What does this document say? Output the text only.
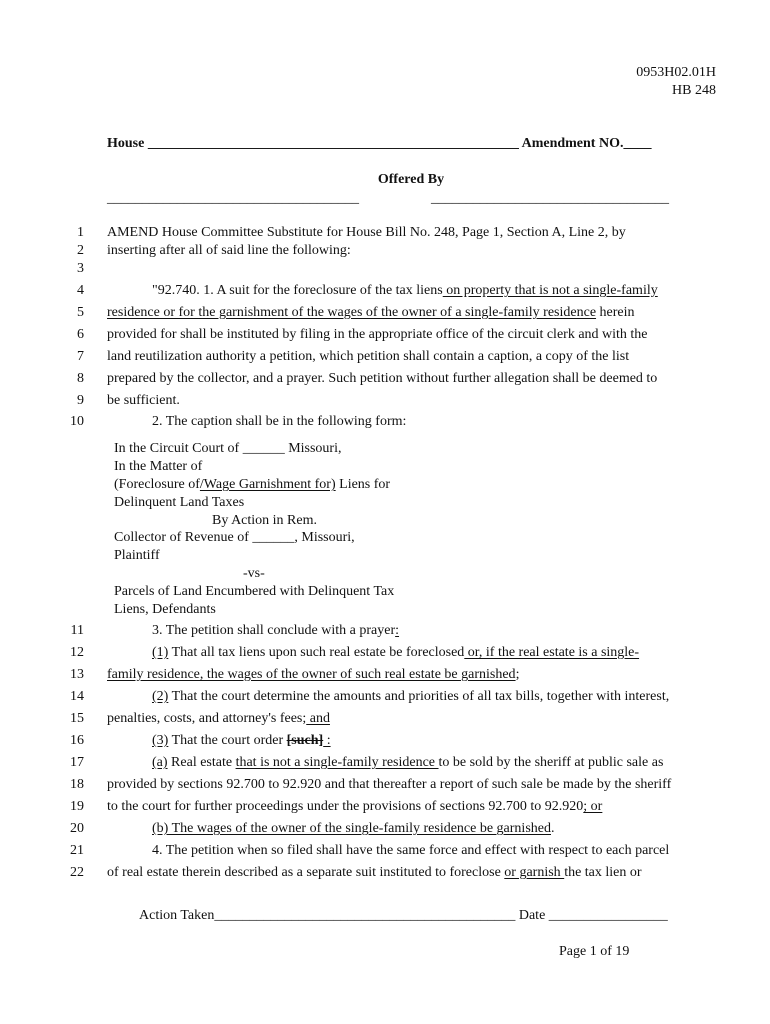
0953H02.01H
HB 248
House _____________________________________________________ Amendment NO.____
Offered By
____________________________________	__________________________________
1
2
3
4
5
6
7
8
9
10
11
12
13
14
15
16
17
18
19
20
21
22
AMEND House Committee Substitute for House Bill No. 248, Page 1, Section A, Line 2, by
inserting after all of said line the following:
"92.740. 1. A suit for the foreclosure of the tax liens on property that is not a single-family
residence or for the garnishment of the wages of the owner of a single-family residence herein
provided for shall be instituted by filing in the appropriate office of the circuit clerk and with the
land reutilization authority a petition, which petition shall contain a caption, a copy of the list
prepared by the collector, and a prayer. Such petition without further allegation shall be deemed to
be sufficient.
2. The caption shall be in the following form:
In the Circuit Court of ______ Missouri,
In the Matter of
(Foreclosure of/Wage Garnishment for) Liens for
Delinquent Land Taxes
By Action in Rem.
Collector of Revenue of ______, Missouri,
Plaintiff
-vs-
Parcels of Land Encumbered with Delinquent Tax
Liens, Defendants
3. The petition shall conclude with a prayer:
(1) That all tax liens upon such real estate be foreclosed or, if the real estate is a single-
family residence, the wages of the owner of such real estate be garnished;
(2) That the court determine the amounts and priorities of all tax bills, together with interest,
penalties, costs, and attorney's fees; and
(3) That the court order [such] :
(a) Real estate that is not a single-family residence to be sold by the sheriff at public sale as
provided by sections 92.700 to 92.920 and that thereafter a report of such sale be made by the sheriff
to the court for further proceedings under the provisions of sections 92.700 to 92.920; or
(b) The wages of the owner of the single-family residence be garnished.
4. The petition when so filed shall have the same force and effect with respect to each parcel
of real estate therein described as a separate suit instituted to foreclose or garnish the tax lien or
Action Taken___________________________________________ Date _________________
Page 1 of 19
